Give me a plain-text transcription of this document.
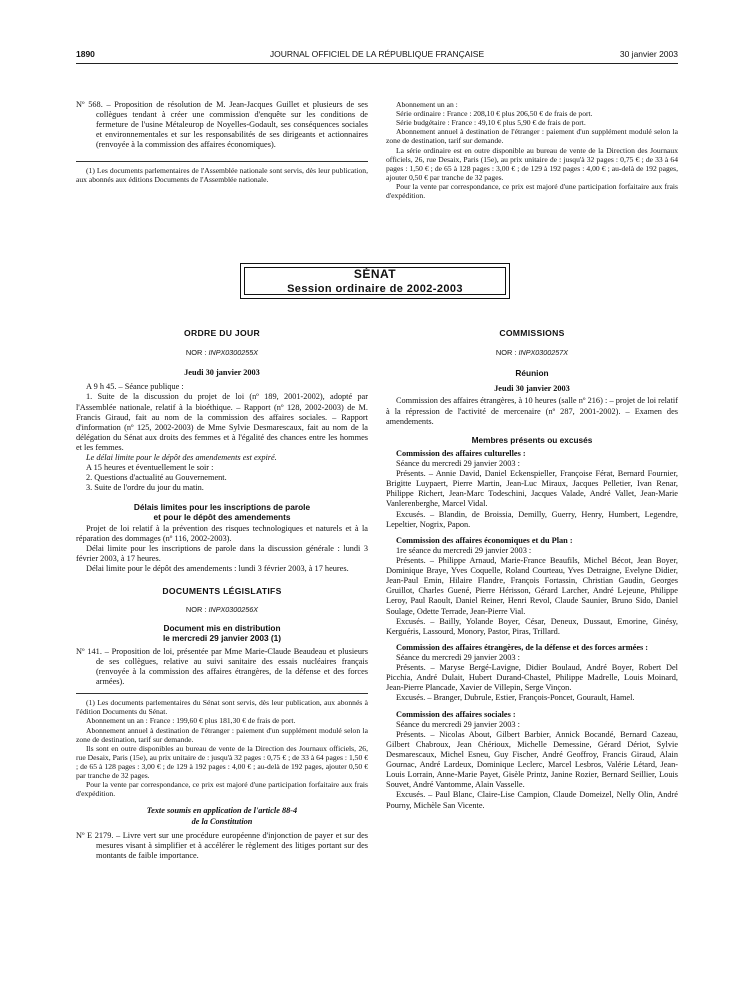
1890	JOURNAL OFFICIEL DE LA RÉPUBLIQUE FRANÇAISE	30 janvier 2003

Nº 568. – Proposition de résolution de M. Jean-Jacques Guillet et plusieurs de ses collègues tendant à créer une commission d'enquête sur les conditions de fermeture de l'usine Métaleurop de Noyelles-Godault, ses conséquences sociales et environnementales et sur les responsabilités de ses dirigeants et actionnaires (renvoyée à la commission des affaires économiques).

(1) Les documents parlementaires de l'Assemblée nationale sont servis, dès leur publication, aux abonnés aux éditions Documents de l'Assemblée nationale.

Abonnement un an :

Série ordinaire : France : 208,10 € plus 206,50 € de frais de port.

Série budgétaire : France : 49,10 € plus 5,90 € de frais de port.

Abonnement annuel à destination de l'étranger : paiement d'un supplément modulé selon la zone de destination, tarif sur demande.

La série ordinaire est en outre disponible au bureau de vente de la Direction des Journaux officiels, 26, rue Desaix, Paris (15e), au prix unitaire de : jusqu'à 32 pages : 0,75 € ; de 33 à 64 pages : 1,50 € ; de 65 à 128 pages : 3,00 € ; de 129 à 192 pages : 4,00 € ; au-delà de 192 pages, ajouter 0,50 € par tranche de 32 pages.

Pour la vente par correspondance, ce prix est majoré d'une participation forfaitaire aux frais d'expédition.

SÉNAT
Session ordinaire de 2002-2003
ORDRE DU JOUR
NOR : INPX0300255X
Jeudi 30 janvier 2003

A 9 h 45. – Séance publique :

1. Suite de la discussion du projet de loi (nº 189, 2001-2002), adopté par l'Assemblée nationale, relatif à la bioéthique. – Rapport (nº 128, 2002-2003) de M. Francis Giraud, fait au nom de la commission des affaires sociales. – Rapport d'information (nº 125, 2002-2003) de Mme Sylvie Desmarescaux, fait au nom de la délégation du Sénat aux droits des femmes et à l'égalité des chances entre les hommes et les femmes.

Le délai limite pour le dépôt des amendements est expiré.

A 15 heures et éventuellement le soir :

2. Questions d'actualité au Gouvernement.

3. Suite de l'ordre du jour du matin.

Délais limites pour les inscriptions de parole
et pour le dépôt des amendements

Projet de loi relatif à la prévention des risques technologiques et naturels et à la réparation des dommages (nº 116, 2002-2003).

Délai limite pour les inscriptions de parole dans la discussion générale : lundi 3 février 2003, à 17 heures.

Délai limite pour le dépôt des amendements : lundi 3 février 2003, à 17 heures.

DOCUMENTS LÉGISLATIFS
NOR : INPX0300256X
Document mis en distribution
le mercredi 29 janvier 2003 (1)

Nº 141. – Proposition de loi, présentée par Mme Marie-Claude Beaudeau et plusieurs de ses collègues, relative au suivi sanitaire des essais nucléaires français (renvoyée à la commission des affaires étrangères, de la défense et des forces armées).

(1) Les documents parlementaires du Sénat sont servis, dès leur publication, aux abonnés à l'édition Documents du Sénat.

Abonnement un an : France : 199,60 € plus 181,30 € de frais de port.

Abonnement annuel à destination de l'étranger : paiement d'un supplément modulé selon la zone de destination, tarif sur demande.

Ils sont en outre disponibles au bureau de vente de la Direction des Journaux officiels, 26, rue Desaix, Paris (15e), au prix unitaire de : jusqu'à 32 pages : 0,75 € ; de 33 à 64 pages : 1,50 € ; de 65 à 128 pages : 3,00 € ; de 129 à 192 pages : 4,00 € ; au-delà de 192 pages, ajouter 0,50 € par tranche de 32 pages.

Pour la vente par correspondance, ce prix est majoré d'une participation forfaitaire aux frais d'expédition.

Texte soumis en application de l'article 88-4
de la Constitution

Nº E 2179. – Livre vert sur une procédure européenne d'injonction de payer et sur des mesures visant à simplifier et à accélérer le règlement des litiges portant sur des montants de faible importance.

COMMISSIONS
NOR : INPX0300257X
Réunion
Jeudi 30 janvier 2003

Commission des affaires étrangères, à 10 heures (salle nº 216) : – projet de loi relatif à la répression de l'activité de mercenaire (nº 287, 2001-2002). – Examen des amendements.

Membres présents ou excusés

Commission des affaires culturelles :

Séance du mercredi 29 janvier 2003 :

Présents. – Annie David, Daniel Eckenspieller, Françoise Férat, Bernard Fournier, Brigitte Luypaert, Pierre Martin, Jean-Luc Miraux, Jacques Pelletier, Ivan Renar, Philippe Richert, Jean-Marc Todeschini, Jacques Valade, André Vallet, Jean-Marie Vanlerenberghe, Marcel Vidal.

Excusés. – Blandin, de Broissia, Demilly, Guerry, Henry, Humbert, Legendre, Lepeltier, Nogrix, Papon.

Commission des affaires économiques et du Plan :

1re séance du mercredi 29 janvier 2003 :

Présents. – Philippe Arnaud, Marie-France Beaufils, Michel Bécot, Jean Boyer, Dominique Braye, Yves Coquelle, Roland Courteau, Yves Detraigne, Evelyne Didier, Jean-Paul Emin, Hilaire Flandre, François Fortassin, Christian Gaudin, Georges Gruillot, Charles Guené, Pierre Hérisson, Gérard Larcher, André Lejeune, Philippe Leroy, Paul Raoult, Daniel Reiner, Henri Revol, Claude Saunier, Bruno Sido, Daniel Soulage, Odette Terrade, Jean-Pierre Vial.

Excusés. – Bailly, Yolande Boyer, César, Deneux, Dussaut, Emorine, Ginésy, Kerguéris, Lassourd, Monory, Pastor, Piras, Trillard.

Commission des affaires étrangères, de la défense et des forces armées :

Séance du mercredi 29 janvier 2003 :

Présents. – Maryse Bergé-Lavigne, Didier Boulaud, André Boyer, Robert Del Picchia, André Dulait, Hubert Durand-Chastel, Philippe Madrelle, Louis Moinard, Jean-Pierre Plancade, Xavier de Villepin, Serge Vinçon.

Excusés. – Branger, Dubrule, Estier, François-Poncet, Gourault, Hamel.

Commission des affaires sociales :

Séance du mercredi 29 janvier 2003 :

Présents. – Nicolas About, Gilbert Barbier, Annick Bocandé, Bernard Cazeau, Gilbert Chabroux, Jean Chérioux, Michelle Demessine, Gérard Dériot, Sylvie Desmarescaux, Michel Esneu, Guy Fischer, André Geoffroy, Francis Giraud, Alain Gournac, André Lardeux, Dominique Leclerc, Marcel Lesbros, Valérie Létard, Jean-Louis Lorrain, Anne-Marie Payet, Gisèle Printz, Janine Rozier, Bernard Seillier, Louis Souvet, André Vantomme, Alain Vasselle.

Excusés. – Paul Blanc, Claire-Lise Campion, Claude Domeizel, Nelly Olin, André Pourny, Michèle San Vicente.
